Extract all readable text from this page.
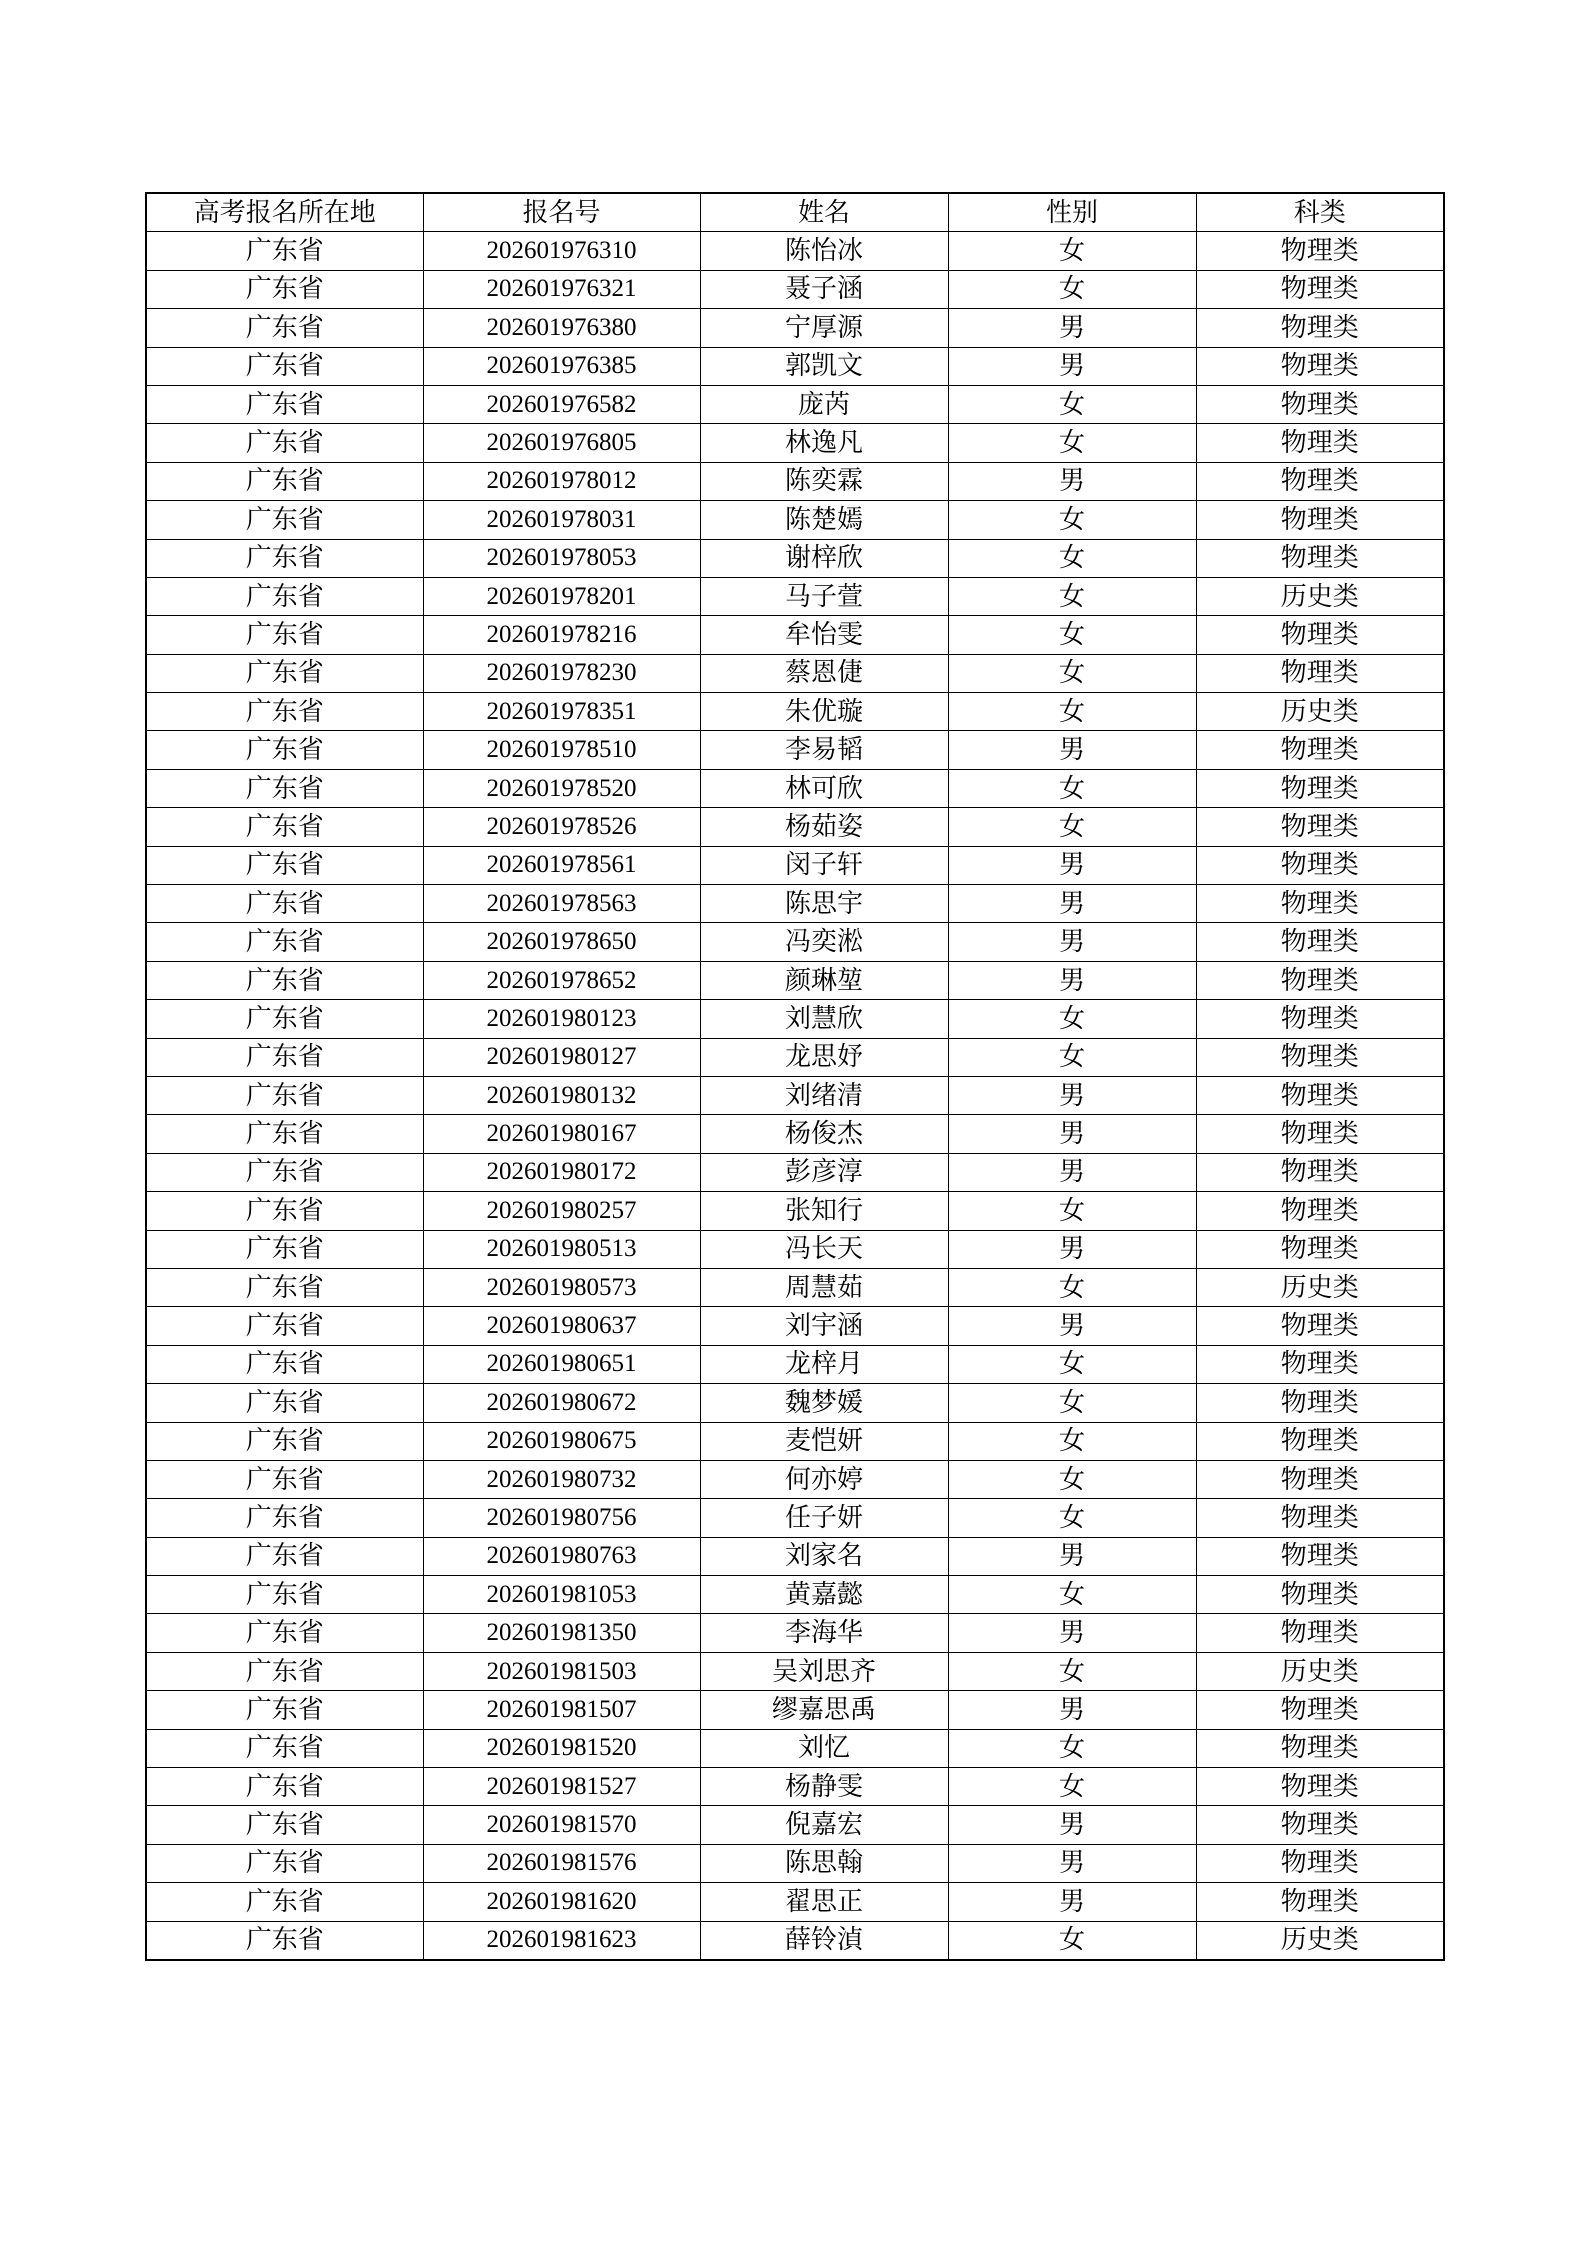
高考报名所在地	报名号	姓名	性别	科类
广东省	202601976310	陈怡冰	女	物理类
广东省	202601976321	聂子涵	女	物理类
广东省	202601976380	宁厚源	男	物理类
广东省	202601976385	郭凯文	男	物理类
广东省	202601976582	庞芮	女	物理类
广东省	202601976805	林逸凡	女	物理类
广东省	202601978012	陈奕霖	男	物理类
广东省	202601978031	陈楚嫣	女	物理类
广东省	202601978053	谢梓欣	女	物理类
广东省	202601978201	马子萱	女	历史类
广东省	202601978216	牟怡雯	女	物理类
广东省	202601978230	蔡恩倢	女	物理类
广东省	202601978351	朱优璇	女	历史类
广东省	202601978510	李易韬	男	物理类
广东省	202601978520	林可欣	女	物理类
广东省	202601978526	杨茹姿	女	物理类
广东省	202601978561	闵子轩	男	物理类
广东省	202601978563	陈思宇	男	物理类
广东省	202601978650	冯奕淞	男	物理类
广东省	202601978652	颜琳堃	男	物理类
广东省	202601980123	刘慧欣	女	物理类
广东省	202601980127	龙思妤	女	物理类
广东省	202601980132	刘绪清	男	物理类
广东省	202601980167	杨俊杰	男	物理类
广东省	202601980172	彭彦淳	男	物理类
广东省	202601980257	张知行	女	物理类
广东省	202601980513	冯长天	男	物理类
广东省	202601980573	周慧茹	女	历史类
广东省	202601980637	刘宇涵	男	物理类
广东省	202601980651	龙梓月	女	物理类
广东省	202601980672	魏梦媛	女	物理类
广东省	202601980675	麦恺妍	女	物理类
广东省	202601980732	何亦婷	女	物理类
广东省	202601980756	任子妍	女	物理类
广东省	202601980763	刘家名	男	物理类
广东省	202601981053	黄嘉懿	女	物理类
广东省	202601981350	李海华	男	物理类
广东省	202601981503	吴刘思齐	女	历史类
广东省	202601981507	缪嘉思禹	男	物理类
广东省	202601981520	刘忆	女	物理类
广东省	202601981527	杨静雯	女	物理类
广东省	202601981570	倪嘉宏	男	物理类
广东省	202601981576	陈思翰	男	物理类
广东省	202601981620	翟思正	男	物理类
广东省	202601981623	薛铃湞	女	历史类
